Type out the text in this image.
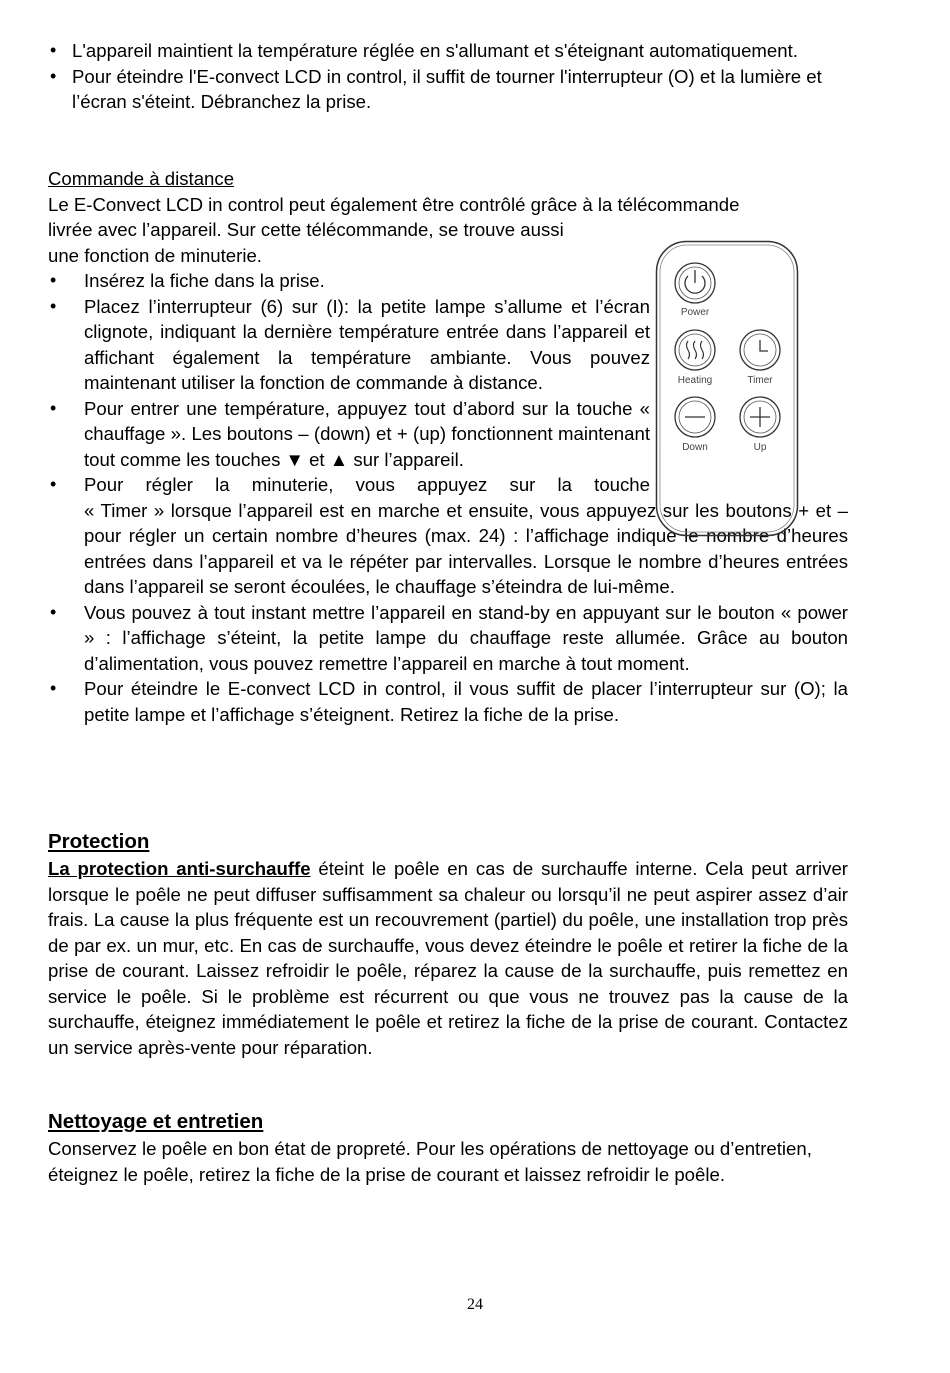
• L'appareil maintient la température réglée en s'allumant et s'éteignant automatiquement.
• Pour éteindre l'E-convect LCD in control, il suffit de tourner l'interrupteur (O) et la lumière et l’écran s'éteint. Débranchez la prise.
Commande à distance
Le E-Convect LCD in control peut également être contrôlé grâce à la télécommande
livrée avec l’appareil. Sur cette télécommande, se trouve aussi
une fonction de minuterie.
• Insérez la fiche dans la prise.
• Placez l’interrupteur (6) sur (I): la petite lampe s’allume et l’écran clignote, indiquant la dernière température entrée dans l’appareil et affichant également la température ambiante. Vous pouvez maintenant utiliser la fonction de commande à distance.
• Pour entrer une température, appuyez tout d’abord sur la touche « chauffage ». Les boutons – (down) et + (up) fonctionnent maintenant tout comme les touches ▼ et ▲ sur l’appareil.
• Pour régler la minuterie, vous appuyez sur la touche
« Timer » lorsque l’appareil est en marche et ensuite, vous appuyez sur les boutons + et – pour régler un certain nombre d’heures (max. 24) : l’affichage indique le nombre d’heures entrées dans l’appareil et va le répéter par intervalles. Lorsque le nombre d’heures entrées dans l’appareil se seront écoulées, le chauffage s’éteindra de lui-même.
• Vous pouvez à tout instant mettre l’appareil en stand-by en appuyant sur le bouton « power » : l’affichage s’éteint, la petite lampe du chauffage reste allumée. Grâce au bouton d’alimentation, vous pouvez remettre l’appareil en marche à tout moment.
• Pour éteindre le E-convect LCD in control, il vous suffit de placer l’interrupteur sur (O); la petite lampe et l’affichage s’éteignent. Retirez la fiche de la prise.
Power
Heating	Timer
Down	Up
Protection
La protection anti-surchauffe éteint le poêle en cas de surchauffe interne. Cela peut arriver lorsque le poêle ne peut diffuser suffisamment sa chaleur ou lorsqu’il ne peut aspirer assez d’air frais. La cause la plus fréquente est un recouvrement (partiel) du poêle, une installation trop près de par ex. un mur, etc. En cas de surchauffe, vous devez éteindre le poêle et retirer la fiche de la prise de courant. Laissez refroidir le poêle, réparez la cause de la surchauffe, puis remettez en service le poêle. Si le problème est récurrent ou que vous ne trouvez pas la cause de la surchauffe, éteignez immédiatement le poêle et retirez la fiche de la prise de courant. Contactez un service après-vente pour réparation.
Nettoyage et entretien
Conservez le poêle en bon état de propreté. Pour les opérations de nettoyage ou d’entretien, éteignez le poêle, retirez la fiche de la prise de courant et laissez refroidir le poêle.
24
